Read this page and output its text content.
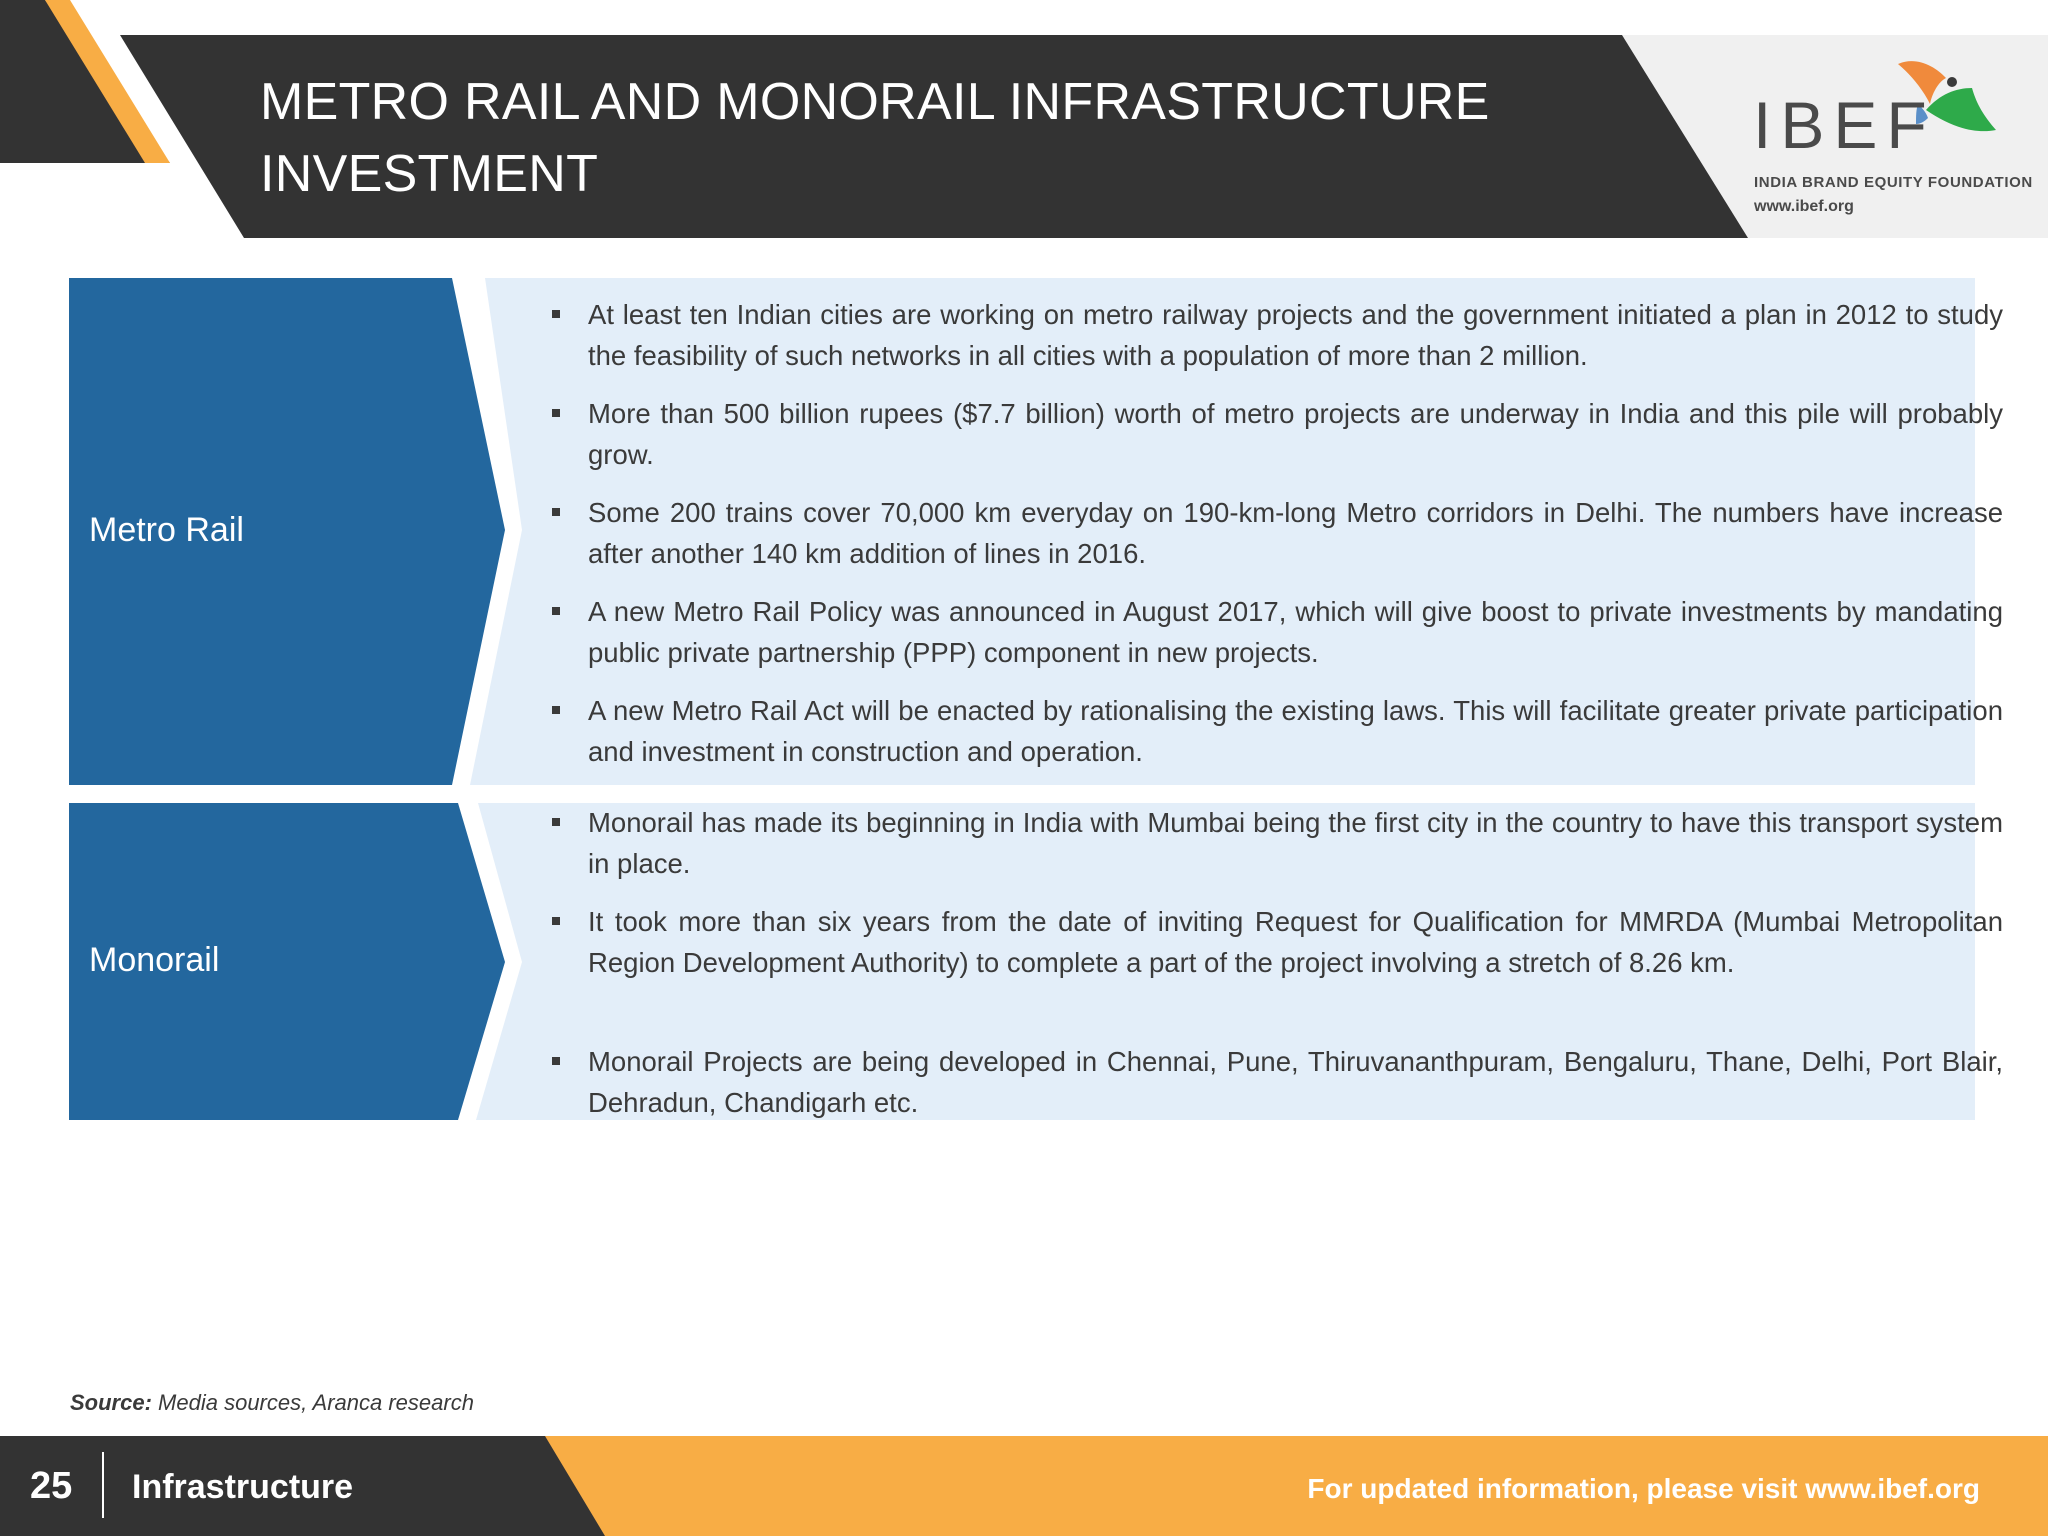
METRO RAIL AND MONORAIL INFRASTRUCTURE
INVESTMENT
IBEF
INDIA BRAND EQUITY FOUNDATION
www.ibef.org
Metro Rail
At least ten Indian cities are working on metro railway projects and the government initiated a plan in 2012 to study the feasibility of such networks in all cities with a population of more than 2 million.
More than 500 billion rupees ($7.7 billion) worth of metro projects are underway in India and this pile will probably grow.
Some 200 trains cover 70,000 km everyday on 190-km-long Metro corridors in Delhi. The numbers have increase after another 140 km addition of lines in 2016.
A new Metro Rail Policy was announced in August 2017, which will give boost to private investments by mandating public private partnership (PPP) component in new projects.
A new Metro Rail Act will be enacted by rationalising the existing laws. This will facilitate greater private participation and investment in construction and operation.
Monorail
Monorail has made its beginning in India with Mumbai being the first city in the country to have this transport system in place.
It took more than six years from the date of inviting Request for Qualification for MMRDA (Mumbai Metropolitan Region Development Authority) to complete a part of the project involving a stretch of 8.26 km.
Monorail Projects are being developed in Chennai, Pune, Thiruvananthpuram, Bengaluru, Thane, Delhi, Port Blair, Dehradun, Chandigarh etc.
Source: Media sources, Aranca research
25 Infrastructure	For updated information, please visit www.ibef.org
